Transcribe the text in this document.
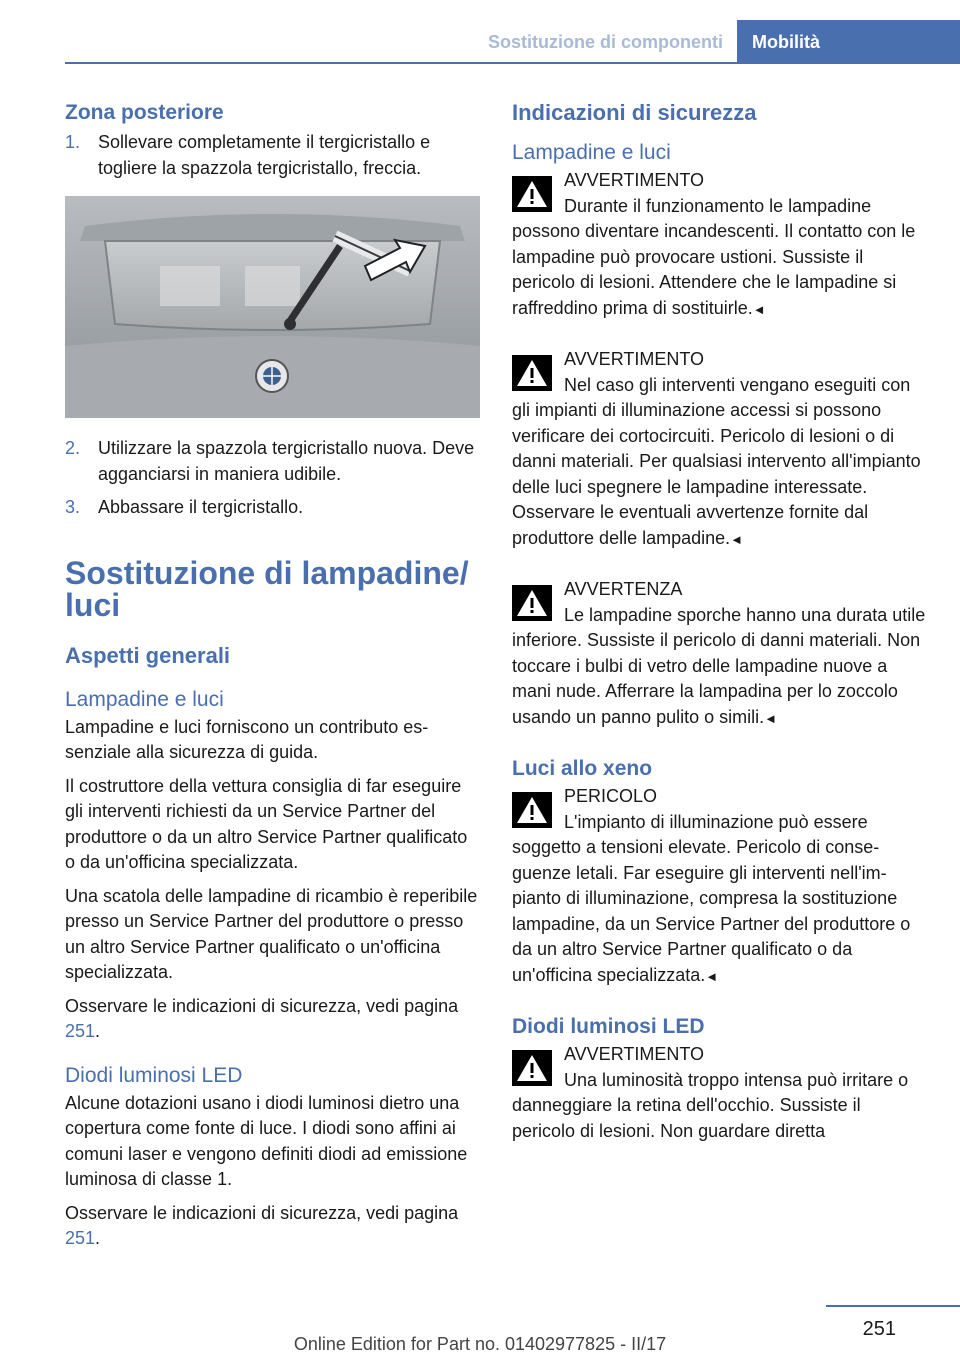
Sostituzione di componenti	Mobilità
Zona posteriore
1. Sollevare completamente il tergicristallo e togliere la spazzola tergicristallo, freccia.
2. Utilizzare la spazzola tergicristallo nuova. Deve agganciarsi in maniera udibile.
3. Abbassare il tergicristallo.
Sostituzione di lampadine/ luci
Aspetti generali
Lampadine e luci

Lampadine e luci forniscono un contributo essenziale alla sicurezza di guida.

Il costruttore della vettura consiglia di far eseguire gli interventi richiesti da un Service Partner del produttore o da un altro Service Partner qualificato o da un'officina specializzata.

Una scatola delle lampadine di ricambio è reperibile presso un Service Partner del produttore o presso un altro Service Partner qualificato o un'officina specializzata.

Osservare le indicazioni di sicurezza, vedi pagina 251.

Diodi luminosi LED

Alcune dotazioni usano i diodi luminosi dietro una copertura come fonte di luce. I diodi sono affini ai comuni laser e vengono definiti diodi ad emissione luminosa di classe 1.

Osservare le indicazioni di sicurezza, vedi pagina 251.

Indicazioni di sicurezza
Lampadine e luci
AVVERTIMENTO
Durante il funzionamento le lampadine possono diventare incandescenti. Il contatto con le lampadine può provocare ustioni. Sussiste il pericolo di lesioni. Attendere che le lampadine si raffreddino prima di sostituirle.◄
AVVERTIMENTO
Nel caso gli interventi vengano eseguiti con gli impianti di illuminazione accessi si possono verificare dei cortocircuiti. Pericolo di lesioni o di danni materiali. Per qualsiasi intervento all'impianto delle luci spegnere le lampadine interessate. Osservare le eventuali avvertenze fornite dal produttore delle lampadine.◄
AVVERTENZA
Le lampadine sporche hanno una durata utile inferiore. Sussiste il pericolo di danni materiali. Non toccare i bulbi di vetro delle lampadine nuove a mani nude. Afferrare la lampadina per lo zoccolo usando un panno pulito o simili.◄
Luci allo xeno
PERICOLO
L'impianto di illuminazione può essere soggetto a tensioni elevate. Pericolo di conseguenze letali. Far eseguire gli interventi nell'impianto di illuminazione, compresa la sostituzione lampadine, da un Service Partner del produttore o da un altro Service Partner qualificato o da un'officina specializzata.◄
Diodi luminosi LED
AVVERTIMENTO
Una luminosità troppo intensa può irritare o danneggiare la retina dell'occhio. Sussiste il pericolo di lesioni. Non guardare diretta
251
Online Edition for Part no. 01402977825 - II/17
